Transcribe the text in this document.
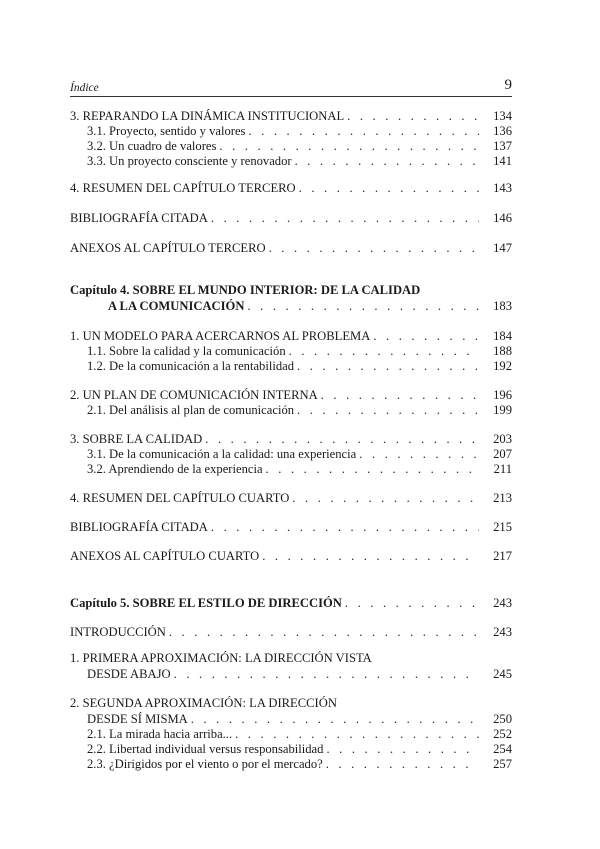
Índice	9
3. REPARANDO LA DINÁMICA INSTITUCIONAL . . .	134
3.1. Proyecto, sentido y valores . . .	136
3.2. Un cuadro de valores . . .	137
3.3. Un proyecto consciente y renovador . . .	141
4. RESUMEN DEL CAPÍTULO TERCERO . . .	143
BIBLIOGRAFÍA CITADA . . .	146
ANEXOS AL CAPÍTULO TERCERO . . .	147
Capítulo 4. SOBRE EL MUNDO INTERIOR: DE LA CALIDAD
A LA COMUNICACIÓN . . .	183
1. UN MODELO PARA ACERCARNOS AL PROBLEMA . . .	184
1.1. Sobre la calidad y la comunicación . . .	188
1.2. De la comunicación a la rentabilidad . . .	192
2. UN PLAN DE COMUNICACIÓN INTERNA . . .	196
2.1. Del análisis al plan de comunicación . . .	199
3. SOBRE LA CALIDAD . . .	203
3.1. De la comunicación a la calidad: una experiencia . . .	207
3.2. Aprendiendo de la experiencia . . .	211
4. RESUMEN DEL CAPÍTULO CUARTO . . .	213
BIBLIOGRAFÍA CITADA . . .	215
ANEXOS AL CAPÍTULO CUARTO . . .	217
Capítulo 5. SOBRE EL ESTILO DE DIRECCIÓN . . .	243
INTRODUCCIÓN . . .	243
1. PRIMERA APROXIMACIÓN: LA DIRECCIÓN VISTA
DESDE ABAJO . . .	245
2. SEGUNDA APROXIMACIÓN: LA DIRECCIÓN
DESDE SÍ MISMA . . .	250
2.1. La mirada hacia arriba... . . .	252
2.2. Libertad individual versus responsabilidad . . .	254
2.3. ¿Dirigidos por el viento o por el mercado? . . .	257
